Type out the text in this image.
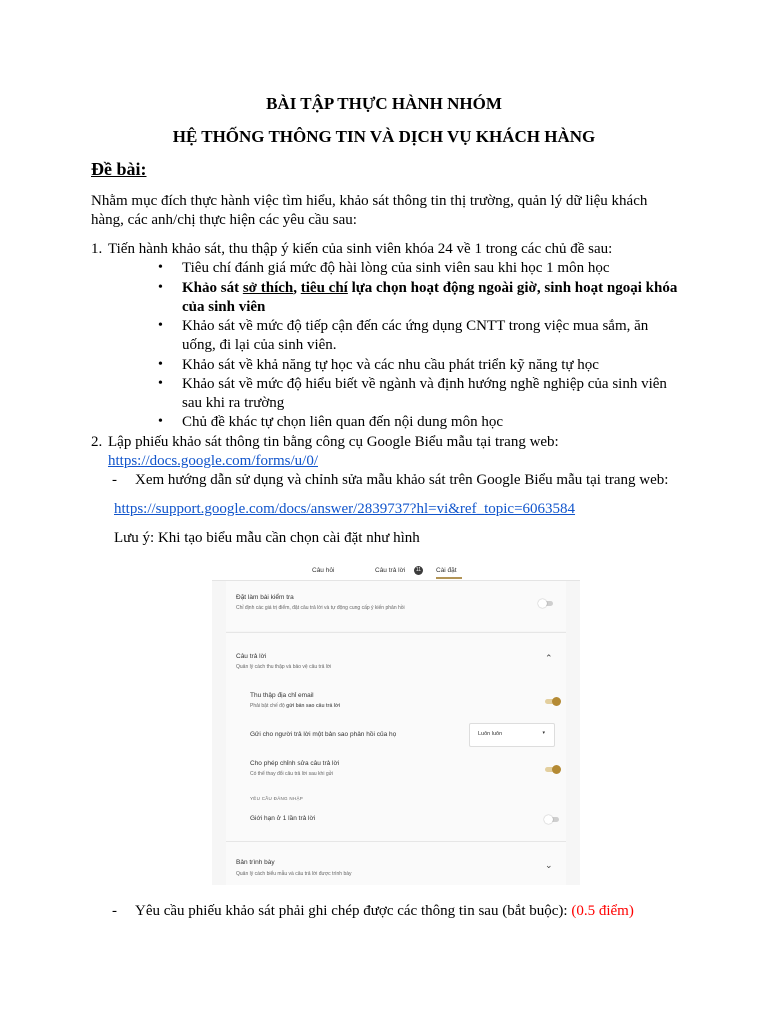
BÀI TẬP THỰC HÀNH NHÓM
HỆ THỐNG THÔNG TIN VÀ DỊCH VỤ KHÁCH HÀNG
Đề bài:
Nhằm mục đích thực hành việc tìm hiểu, khảo sát thông tin thị trường, quản lý dữ liệu khách
hàng, các anh/chị thực hiện các yêu cầu sau:
1. Tiến hành khảo sát, thu thập ý kiến của sinh viên khóa 24 về 1 trong các chủ đề sau:
• Tiêu chí đánh giá mức độ hài lòng của sinh viên sau khi học 1 môn học
• Khảo sát sở thích, tiêu chí lựa chọn hoạt động ngoài giờ, sinh hoạt ngoại khóa của sinh viên
• Khảo sát về mức độ tiếp cận đến các ứng dụng CNTT trong việc mua sắm, ăn uống, đi lại của sinh viên.
• Khảo sát về khả năng tự học và các nhu cầu phát triển kỹ năng tự học
• Khảo sát về mức độ hiểu biết về ngành và định hướng nghề nghiệp của sinh viên sau khi ra trường
• Chủ đề khác tự chọn liên quan đến nội dung môn học
2. Lập phiếu khảo sát thông tin bằng công cụ Google Biểu mẫu tại trang web:
https://docs.google.com/forms/u/0/
- Xem hướng dẫn sử dụng và chỉnh sửa mẫu khảo sát trên Google Biểu mẫu tại trang web:
https://support.google.com/docs/answer/2839737?hl=vi&ref_topic=6063584
Lưu ý: Khi tạo biểu mẫu cần chọn cài đặt như hình
Câu hỏi	Câu trả lời	11 Cài đặt
Đặt làm bài kiểm tra
Chỉ định các giá trị điểm, đặt câu trả lời và tự động cung cấp ý kiến phản hồi
Câu trả lời
Quản lý cách thu thập và bảo vệ câu trả lời
⌃
Thu thập địa chỉ email
Phải bật chế độ gửi bản sao câu trả lời
Gửi cho người trả lời một bản sao phản hồi của họ
Cho phép chỉnh sửa câu trả lời
Có thể thay đổi câu trả lời sau khi gửi
YÊU CẦU ĐĂNG NHẬP
Giới hạn ở 1 lần trả lời
Luôn luôn	▾
Bản trình bày
Quản lý cách biểu mẫu và câu trả lời được trình bày
⌄
- Yêu cầu phiếu khảo sát phải ghi chép được các thông tin sau (bắt buộc): (0.5 điểm)
